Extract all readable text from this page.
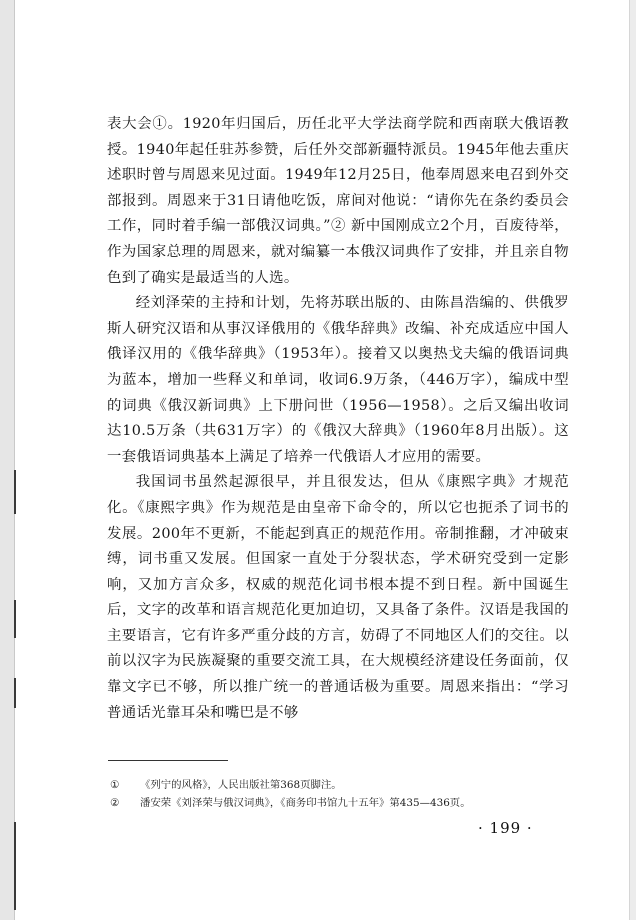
表大会①。1920年归国后，历任北平大学法商学院和西南联大俄语教授。1940年起任驻苏参赞，后任外交部新疆特派员。1945年他去重庆述职时曾与周恩来见过面。1949年12月25日，他奉周恩来电召到外交部报到。周恩来于31日请他吃饭，席间对他说：“请你先在条约委员会工作，同时着手编一部俄汉词典。”② 新中国刚成立2个月，百废待举，作为国家总理的周恩来，就对编纂一本俄汉词典作了安排，并且亲自物色到了确实是最适当的人选。

经刘泽荣的主持和计划，先将苏联出版的、由陈昌浩编的、供俄罗斯人研究汉语和从事汉译俄用的《俄华辞典》改编、补充成适应中国人俄译汉用的《俄华辞典》（1953年）。接着又以奥热戈夫编的俄语词典为蓝本，增加一些释义和单词，收词6.9万条，（446万字），编成中型的词典《俄汉新词典》上下册问世（1956—1958）。之后又编出收词达10.5万条（共631万字）的《俄汉大辞典》（1960年8月出版）。这一套俄语词典基本上满足了培养一代俄语人才应用的需要。

我国词书虽然起源很早，并且很发达，但从《康熙字典》才规范化。《康熙字典》作为规范是由皇帝下命令的，所以它也扼杀了词书的发展。200年不更新，不能起到真正的规范作用。帝制推翻，才冲破束缚，词书重又发展。但国家一直处于分裂状态，学术研究受到一定影响，又加方言众多，权威的规范化词书根本提不到日程。新中国诞生后，文字的改革和语言规范化更加迫切，又具备了条件。汉语是我国的主要语言，它有许多严重分歧的方言，妨碍了不同地区人们的交往。以前以汉字为民族凝聚的重要交流工具，在大规模经济建设任务面前，仅靠文字已不够，所以推广统一的普通话极为重要。周恩来指出：“学习普通话光靠耳朵和嘴巴是不够

①	《列宁的风格》，人民出版社第368页脚注。
②	潘安荣《刘泽荣与俄汉词典》，《商务印书馆九十五年》第435—436页。
· 199 ·
